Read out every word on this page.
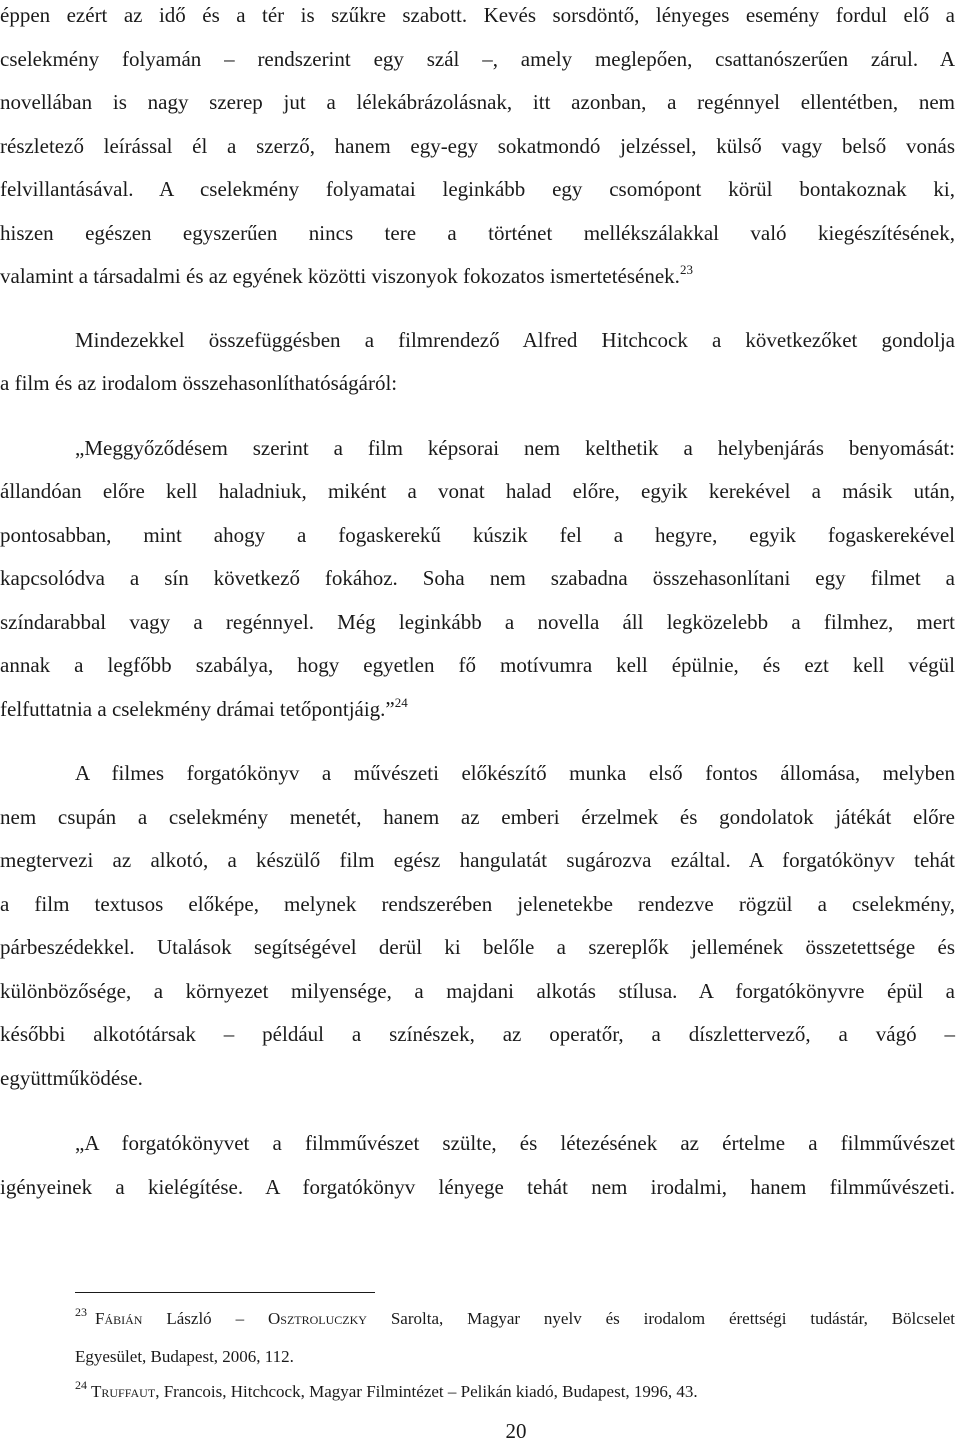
éppen ezért az idő és a tér is szűkre szabott. Kevés sorsdöntő, lényeges esemény fordul elő a
cselekmény folyamán – rendszerint egy szál –, amely meglepően, csattanószerűen zárul. A
novellában is nagy szerep jut a lélekábrázolásnak, itt azonban, a regénnyel ellentétben, nem
részletező leírással él a szerző, hanem egy-egy sokatmondó jelzéssel, külső vagy belső vonás
felvillantásával. A cselekmény folyamatai leginkább egy csomópont körül bontakoznak ki,
hiszen egészen egyszerűen nincs tere a történet mellékszálakkal való kiegészítésének,
valamint a társadalmi és az egyének közötti viszonyok fokozatos ismertetésének.$^{23}$
Mindezekkel összefüggésben a filmrendező Alfred Hitchcock a következőket gondolja
a film és az irodalom összehasonlíthatóságáról:
„Meggyőződésem szerint a film képsorai nem kelthetik a helybenjárás benyomását:
állandóan előre kell haladniuk, miként a vonat halad előre, egyik kerekével a másik után,
pontosabban, mint ahogy a fogaskerekű kúszik fel a hegyre, egyik fogaskerekével
kapcsolódva a sín következő fokához. Soha nem szabadna összehasonlítani egy filmet a
színdarabbal vagy a regénnyel. Még leginkább a novella áll legközelebb a filmhez, mert
annak a legfőbb szabálya, hogy egyetlen fő motívumra kell épülnie, és ezt kell végül
felfuttatnia a cselekmény drámai tetőpontjáig.”$^{24}$
A filmes forgatókönyv a művészeti előkészítő munka első fontos állomása, melyben
nem csupán a cselekmény menetét, hanem az emberi érzelmek és gondolatok játékát előre
megtervezi az alkotó, a készülő film egész hangulatát sugározva ezáltal. A forgatókönyv tehát
a film textusos előképe, melynek rendszerében jelenetekbe rendezve rögzül a cselekmény,
párbeszédekkel. Utalások segítségével derül ki belőle a szereplők jellemének összetettsége és
különbözősége, a környezet milyensége, a majdani alkotás stílusa. A forgatókönyvre épül a
későbbi alkotótársak – például a színészek, az operatőr, a díszlettervező, a vágó –
együttműködése.
„A forgatókönyvet a filmművészet szülte, és létezésének az értelme a filmművészet
igényeinek a kielégítése. A forgatókönyv lényege tehát nem irodalmi, hanem filmművészeti.
$^{23}$ Fábián László – Osztroluczky Sarolta, Magyar nyelv és irodalom érettségi tudástár, Bölcselet
Egyesület, Budapest, 2006, 112.
$^{24}$ Truffaut, Francois, Hitchcock, Magyar Filmintézet – Pelikán kiadó, Budapest, 1996, 43.
20
